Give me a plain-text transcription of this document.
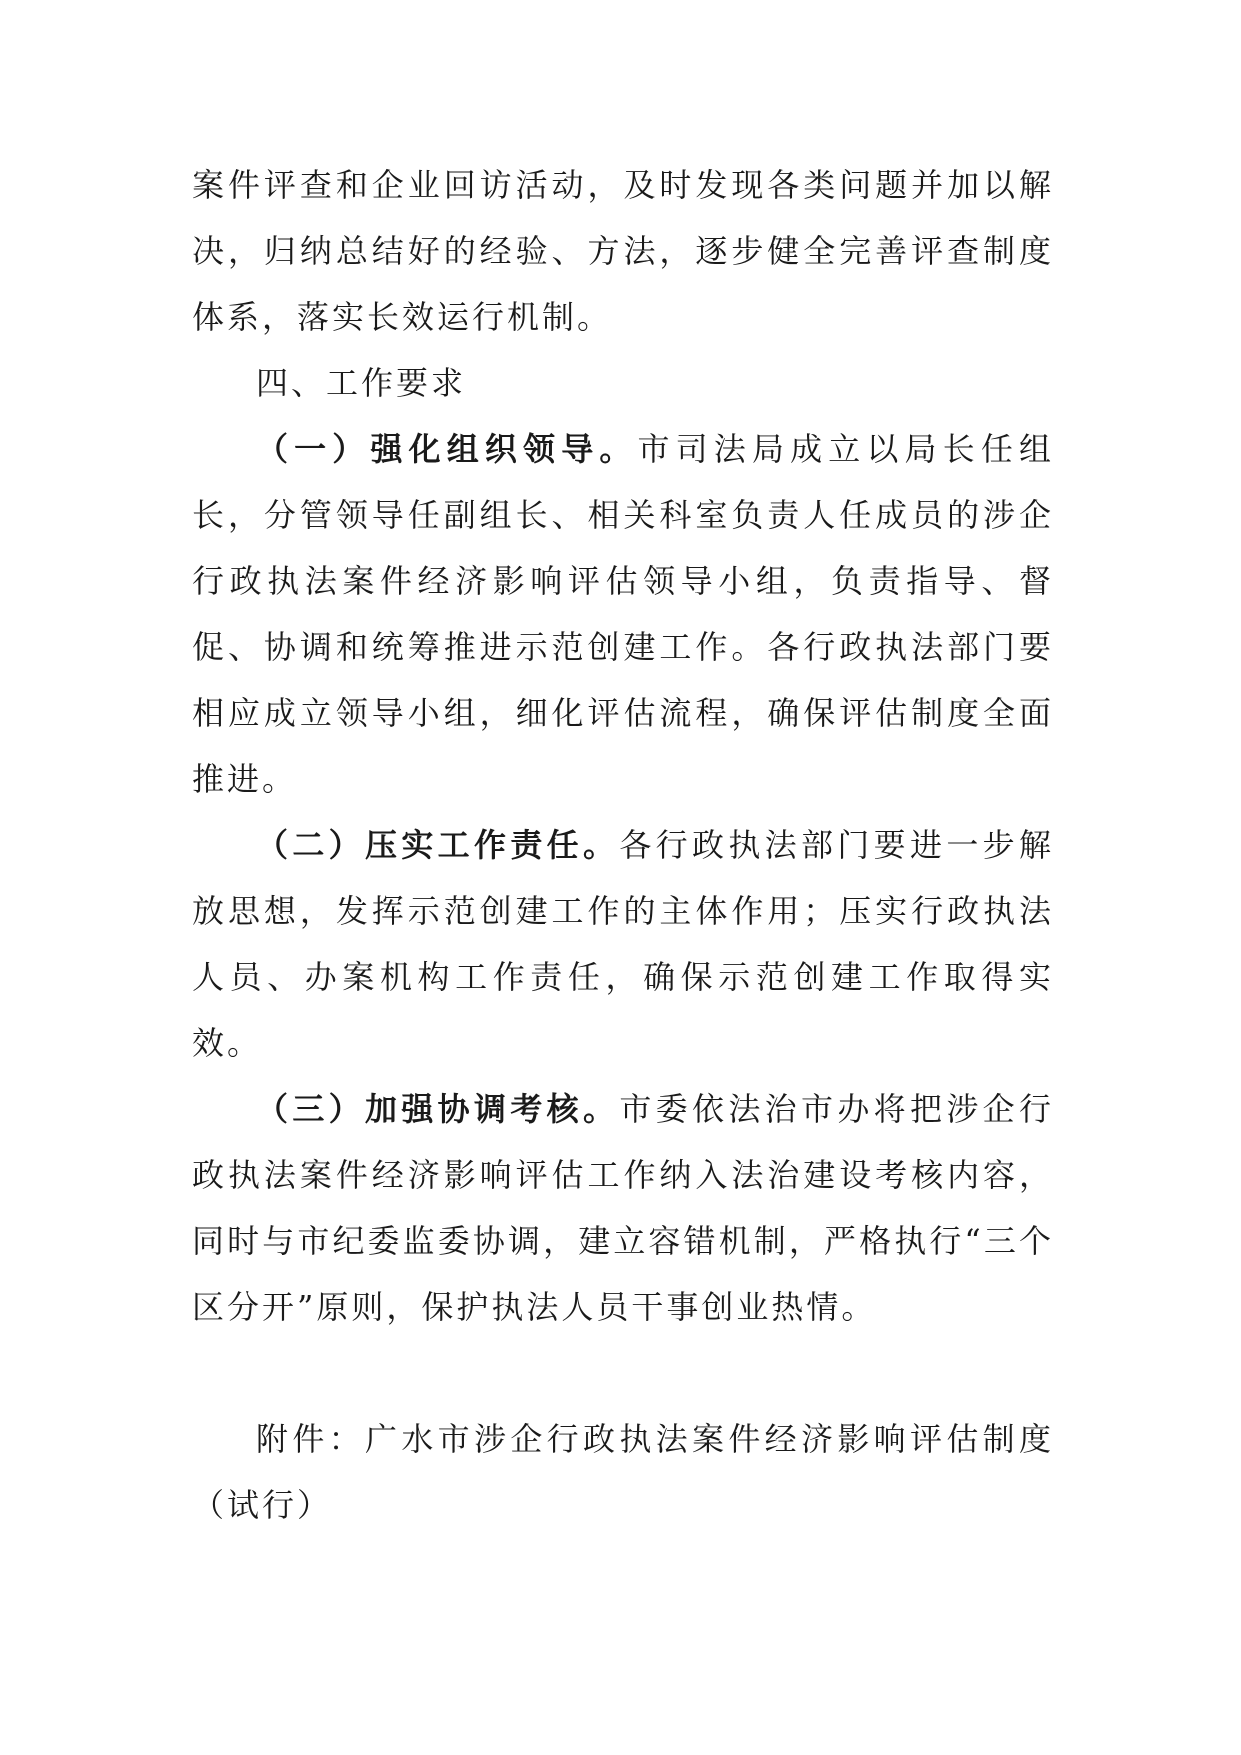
案件评查和企业回访活动，及时发现各类问题并加以解决，归纳总结好的经验、方法，逐步健全完善评查制度体系，落实长效运行机制。

四、工作要求

（一）强化组织领导。市司法局成立以局长任组长，分管领导任副组长、相关科室负责人任成员的涉企行政执法案件经济影响评估领导小组，负责指导、督促、协调和统筹推进示范创建工作。各行政执法部门要相应成立领导小组，细化评估流程，确保评估制度全面推进。

（二）压实工作责任。各行政执法部门要进一步解放思想，发挥示范创建工作的主体作用；压实行政执法人员、办案机构工作责任，确保示范创建工作取得实效。

（三）加强协调考核。市委依法治市办将把涉企行政执法案件经济影响评估工作纳入法治建设考核内容，同时与市纪委监委协调，建立容错机制，严格执行“三个区分开”原则，保护执法人员干事创业热情。

附件：广水市涉企行政执法案件经济影响评估制度（试行）
